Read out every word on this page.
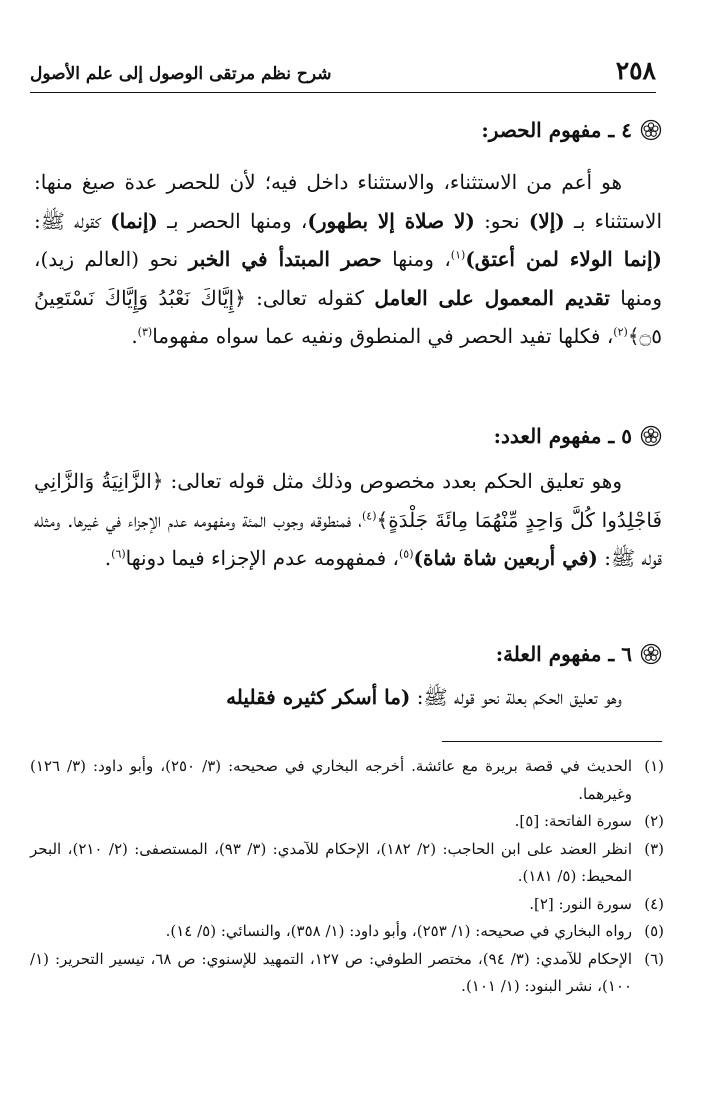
٢٥٨
شرح نظم مرتقى الوصول إلى علم الأصول
٤ ـ مفهوم الحصر:

هو أعم من الاستثناء، والاستثناء داخل فيه؛ لأن للحصر عدة صيغ منها: الاستثناء بـ (إلا) نحو: (لا صلاة إلا بطهور)، ومنها الحصر بـ (إنما) كقوله ﷺ: (إنما الولاء لمن أعتق)$^{(١)}$، ومنها حصر المبتدأ في الخبر نحو (العالم زيد)، ومنها تقديم المعمول على العامل كقوله تعالى: ﴿إِيَّاكَ نَعْبُدُ وَإِيَّاكَ نَسْتَعِينُ ۝٥﴾$^{(٢)}$، فكلها تفيد الحصر في المنطوق ونفيه عما سواه مفهوما$^{(٣)}$.

٥ ـ مفهوم العدد:

وهو تعليق الحكم بعدد مخصوص وذلك مثل قوله تعالى: ﴿الزَّانِيَةُ وَالزَّانِي فَاجْلِدُوا كُلَّ وَاحِدٍ مِّنْهُمَا مِائَةَ جَلْدَةٍ﴾$^{(٤)}$، فمنطوقه وجوب المئة ومفهومه عدم الإجزاء في غيرها. ومثله قوله ﷺ: (في أربعين شاة شاة)$^{(٥)}$، فمفهومه عدم الإجزاء فيما دونها$^{(٦)}$.

٦ ـ مفهوم العلة:

وهو تعليق الحكم بعلة نحو قوله ﷺ: (ما أسكر كثيره فقليله

(١)
الحديث في قصة بريرة مع عائشة. أخرجه البخاري في صحيحه: (٣/ ٢٥٠)، وأبو داود: (٣/ ١٢٦) وغيرهما.
(٢)
سورة الفاتحة: [٥].
(٣)
انظر العضد على ابن الحاجب: (٢/ ١٨٢)، الإحكام للآمدي: (٣/ ٩٣)، المستصفى: (٢/ ٢١٠)، البحر المحيط: (٥/ ١٨١).
(٤)
سورة النور: [٢].
(٥)
رواه البخاري في صحيحه: (١/ ٢٥٣)، وأبو داود: (١/ ٣٥٨)، والنسائي: (٥/ ١٤).
(٦)
الإحكام للآمدي: (٣/ ٩٤)، مختصر الطوفي: ص ١٢٧، التمهيد للإسنوي: ص ٦٨، تيسير التحرير: (١/ ١٠٠)، نشر البنود: (١/ ١٠١).
